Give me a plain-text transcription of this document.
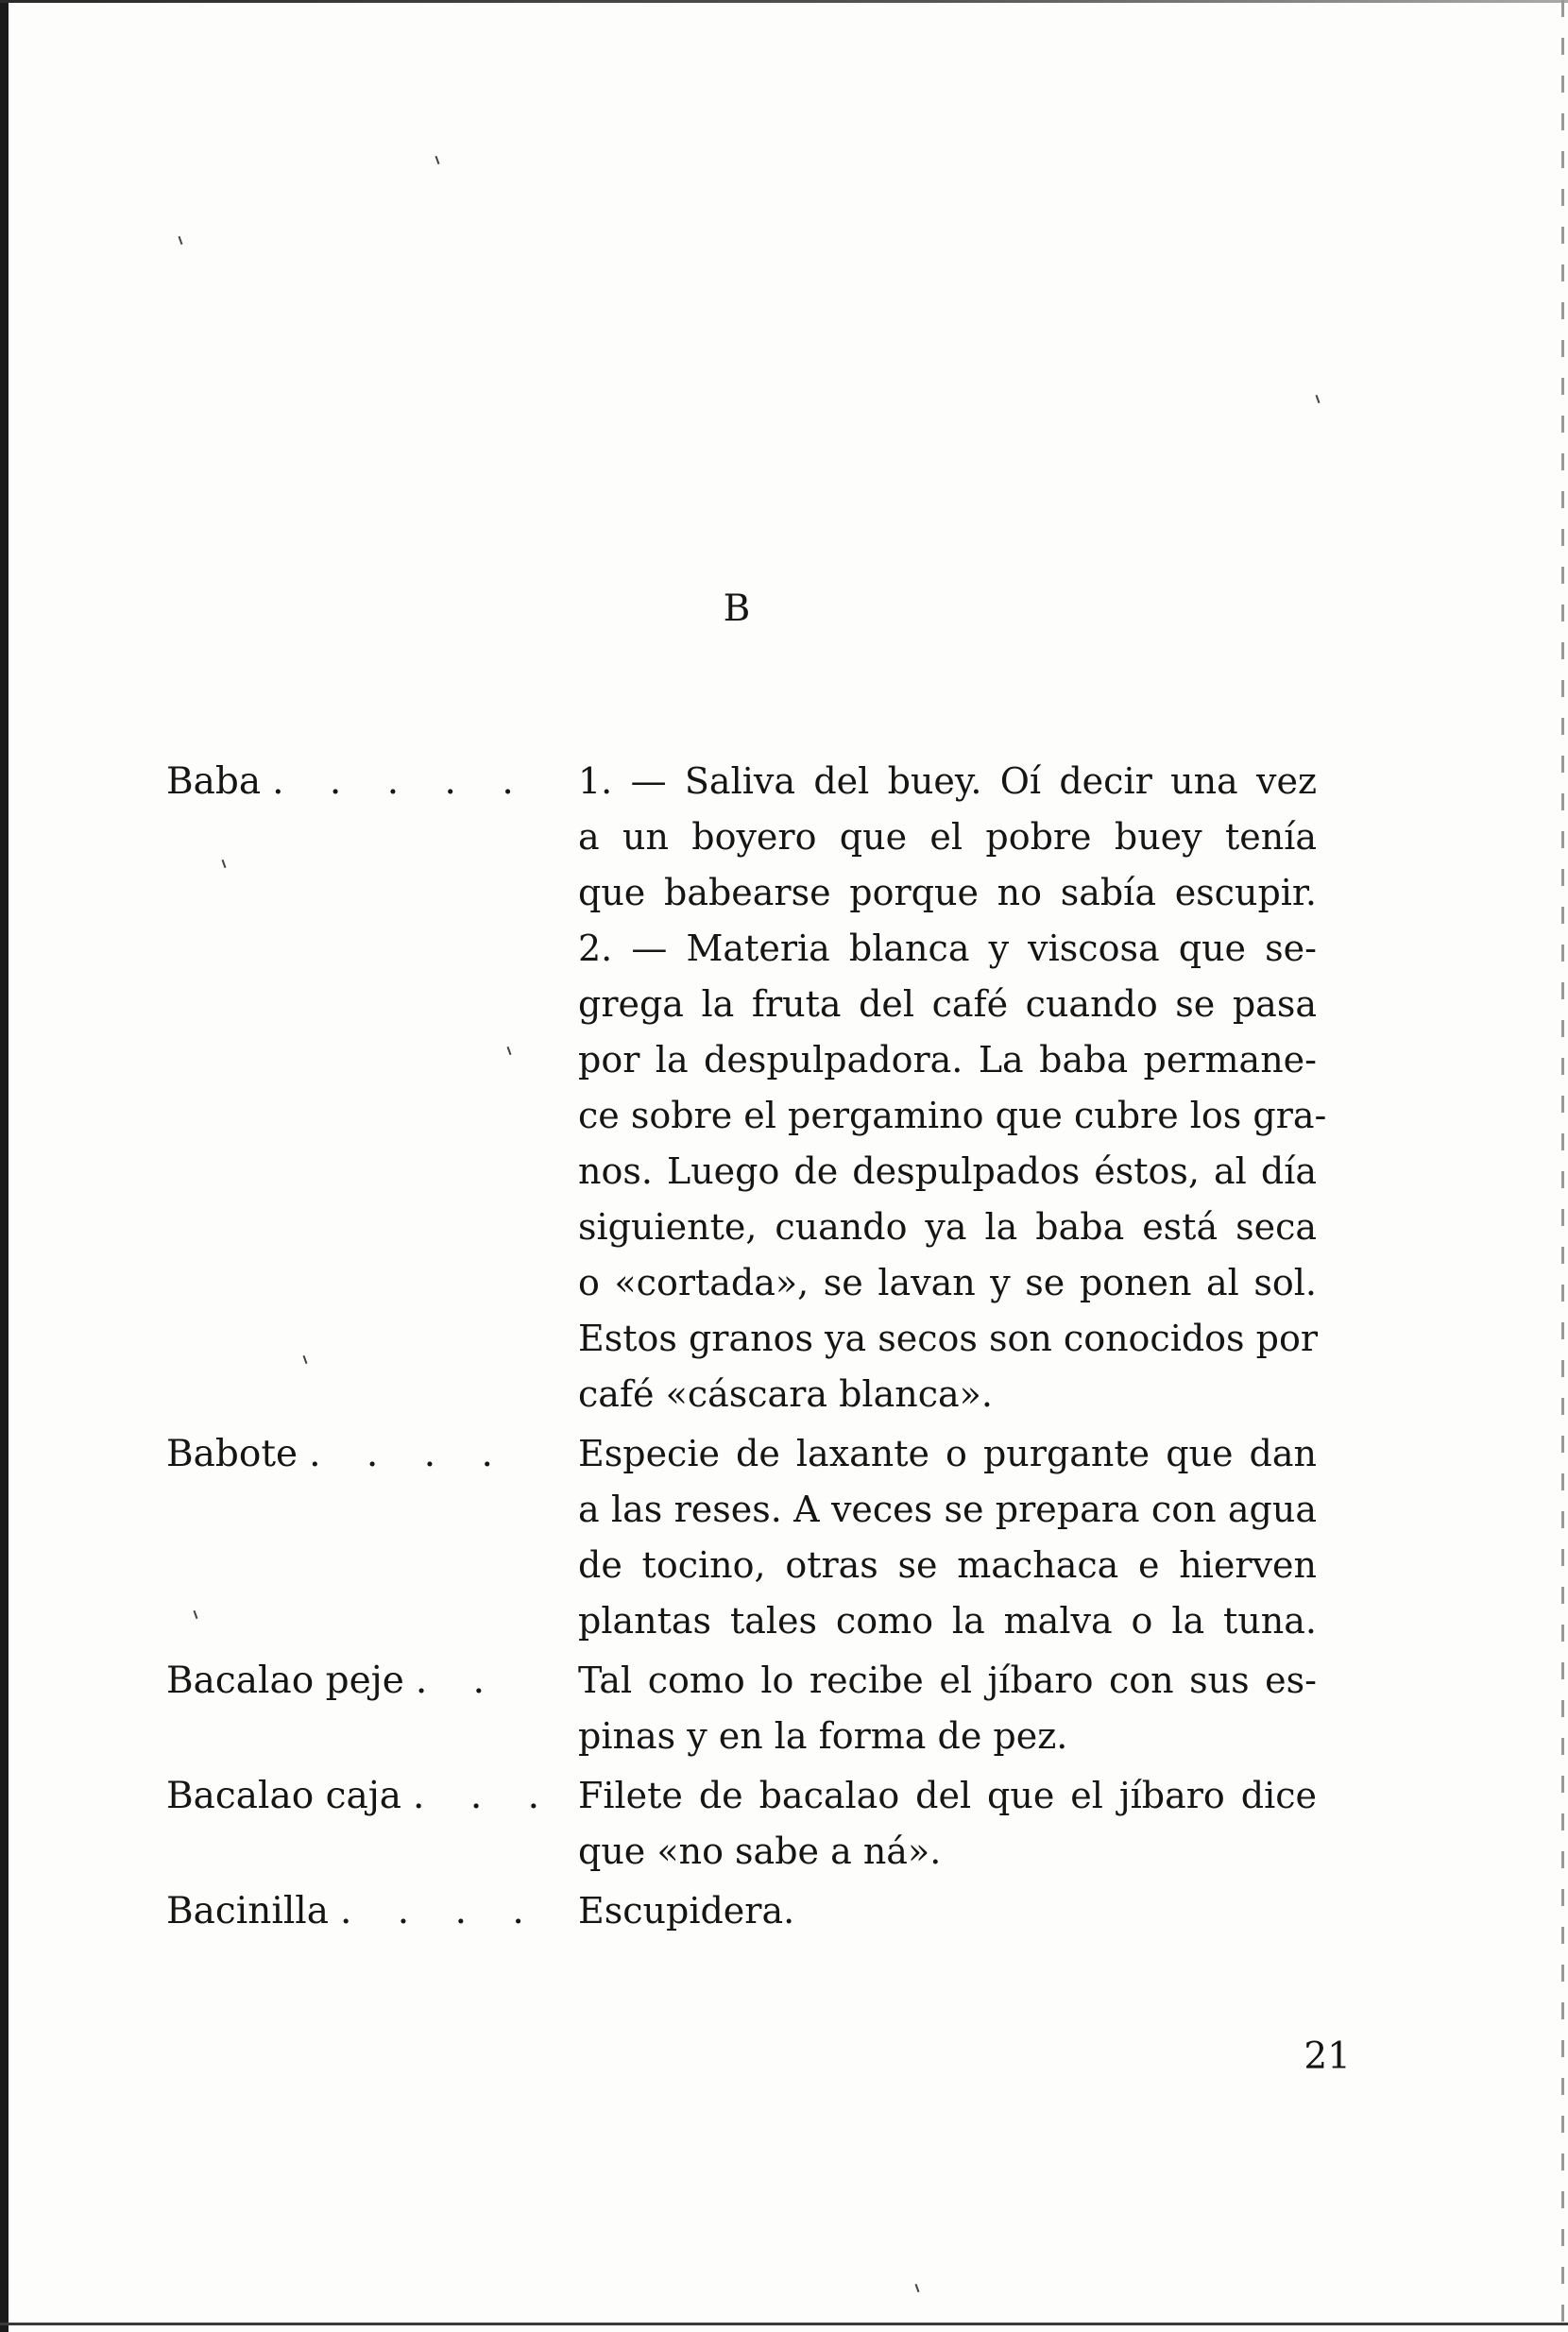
B
Baba . . . . .	1. — Saliva del buey. Oí decir una vez
a un boyero que el pobre buey tenía
que babearse porque no sabía escupir.
2. — Materia blanca y viscosa que se-
grega la fruta del café cuando se pasa
por la despulpadora. La baba permane-
ce sobre el pergamino que cubre los gra-
nos. Luego de despulpados éstos, al día
siguiente, cuando ya la baba está seca
o «cortada», se lavan y se ponen al sol.
Estos granos ya secos son conocidos por
café «cáscara blanca».
Babote . . . .	Especie de laxante o purgante que dan
a las reses. A veces se prepara con agua
de tocino, otras se machaca e hierven
plantas tales como la malva o la tuna.
Bacalao peje . .	Tal como lo recibe el jíbaro con sus es-
pinas y en la forma de pez.
Bacalao caja . . . Filete de bacalao del que el jíbaro dice
que «no sabe a ná».
Bacinilla . . . .	Escupidera.
21
